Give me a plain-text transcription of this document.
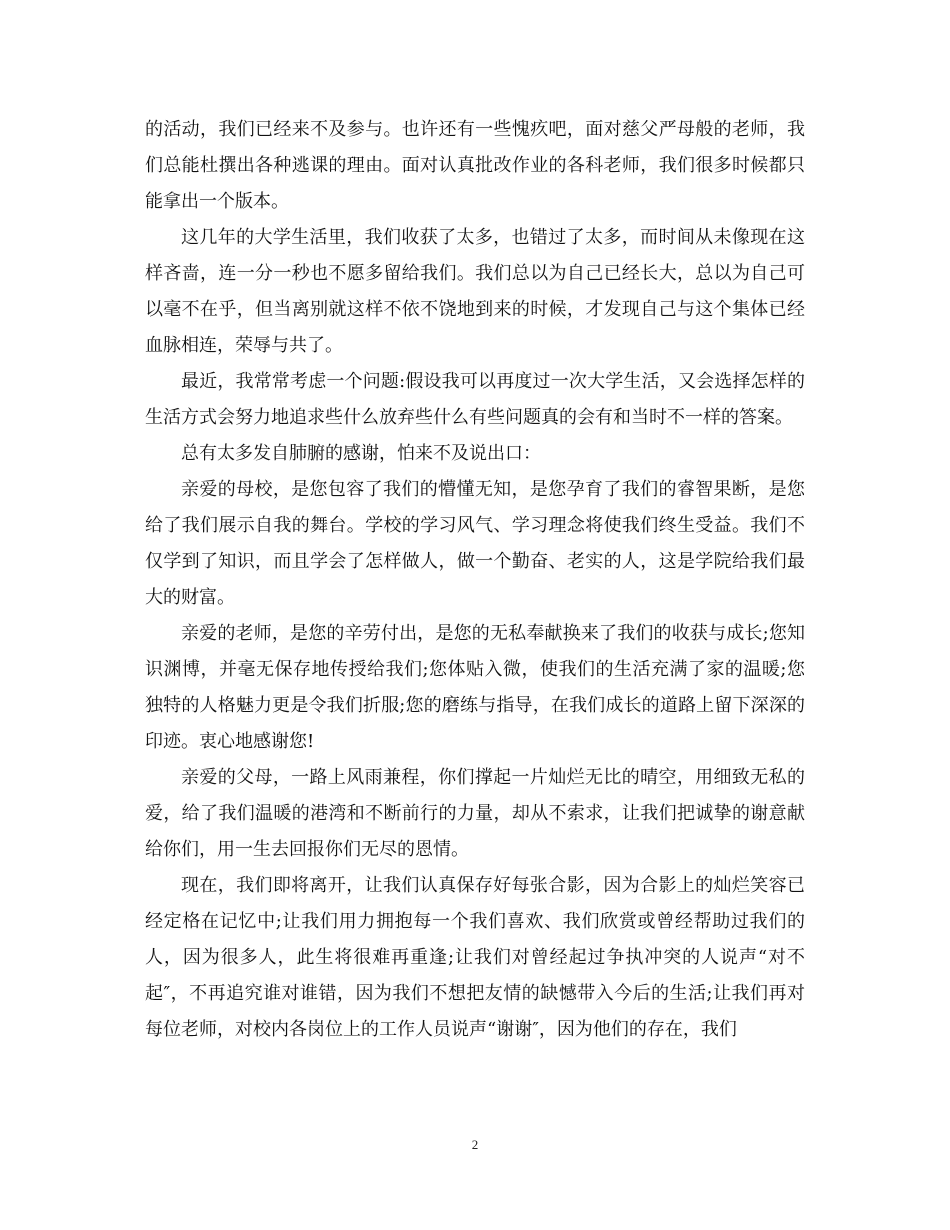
的活动，我们已经来不及参与。也许还有一些愧疚吧，面对慈父严母般的老师，我们总能杜撰出各种逃课的理由。面对认真批改作业的各科老师，我们很多时候都只能拿出一个版本。

这几年的大学生活里，我们收获了太多，也错过了太多，而时间从未像现在这样吝啬，连一分一秒也不愿多留给我们。我们总以为自己已经长大，总以为自己可以毫不在乎，但当离别就这样不依不饶地到来的时候，才发现自己与这个集体已经血脉相连，荣辱与共了。

最近，我常常考虑一个问题:假设我可以再度过一次大学生活，又会选择怎样的生活方式会努力地追求些什么放弃些什么有些问题真的会有和当时不一样的答案。

总有太多发自肺腑的感谢，怕来不及说出口：

亲爱的母校，是您包容了我们的懵懂无知，是您孕育了我们的睿智果断，是您给了我们展示自我的舞台。学校的学习风气、学习理念将使我们终生受益。我们不仅学到了知识，而且学会了怎样做人，做一个勤奋、老实的人，这是学院给我们最大的财富。

亲爱的老师，是您的辛劳付出，是您的无私奉献换来了我们的收获与成长;您知识渊博，并毫无保存地传授给我们;您体贴入微，使我们的生活充满了家的温暖;您独特的人格魅力更是令我们折服;您的磨练与指导，在我们成长的道路上留下深深的印迹。衷心地感谢您!

亲爱的父母，一路上风雨兼程，你们撑起一片灿烂无比的晴空，用细致无私的爱，给了我们温暖的港湾和不断前行的力量，却从不索求，让我们把诚挚的谢意献给你们，用一生去回报你们无尽的恩情。

现在，我们即将离开，让我们认真保存好每张合影，因为合影上的灿烂笑容已经定格在记忆中;让我们用力拥抱每一个我们喜欢、我们欣赏或曾经帮助过我们的人，因为很多人，此生将很难再重逢;让我们对曾经起过争执冲突的人说声“对不起″，不再追究谁对谁错，因为我们不想把友情的缺憾带入今后的生活;让我们再对每位老师，对校内各岗位上的工作人员说声“谢谢″，因为他们的存在，我们

2
